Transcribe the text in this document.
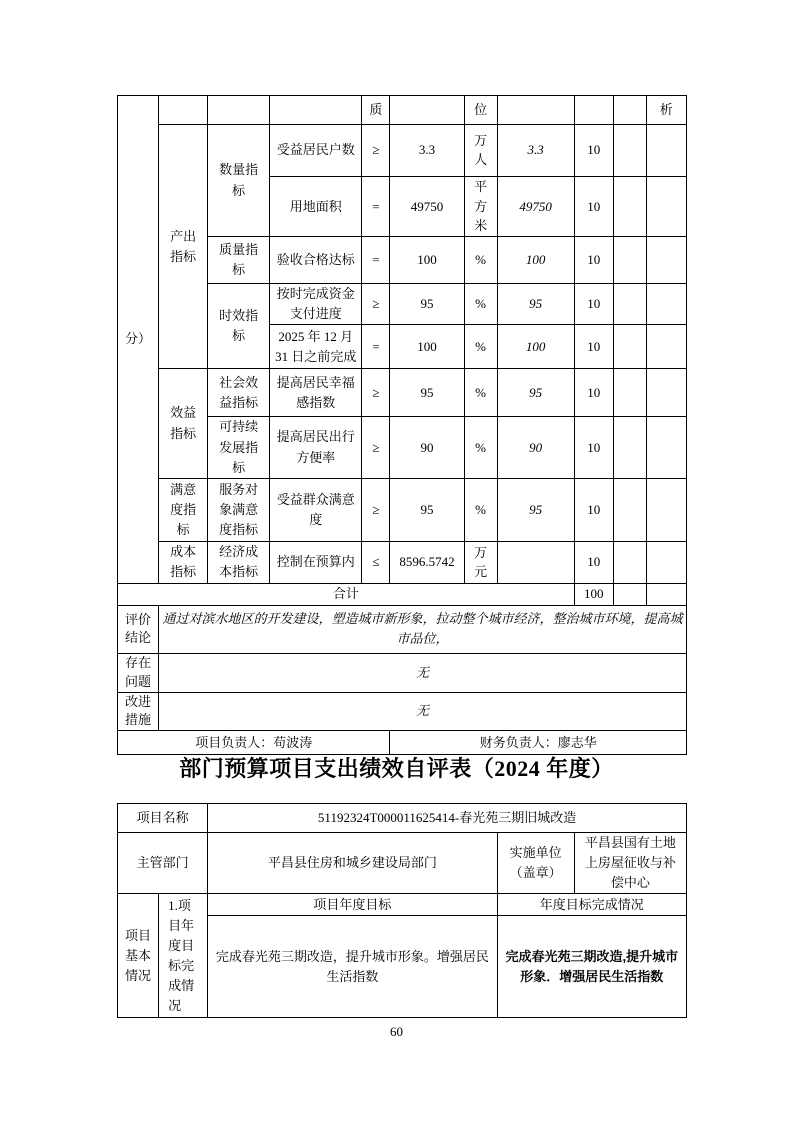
分）				质		位				析
	产出指标	数量指标	受益居民户数	≥	3.3	万人	3.3	10		
			用地面积	=	49750	平方米	49750	10		
		质量指标	验收合格达标	=	100	%	100	10		
		时效指标	按时完成资金支付进度	≥	95	%	95	10		
			2025 年 12 月 31 日之前完成	=	100	%	100	10		
	效益指标	社会效益指标	提高居民幸福感指数	≥	95	%	95	10		
		可持续发展指标	提高居民出行方便率	≥	90	%	90	10		
	满意度指标	服务对象满意度指标	受益群众满意度	≥	95	%	95	10		
	成本指标	经济成本指标	控制在预算内	≤	8596.5742	万元		10		
合计								100		
评价结论	通过对滨水地区的开发建设，塑造城市新形象，拉动整个城市经济，整治城市环境，提高城市品位，									
存在问题	无									
改进措施	无									
项目负责人：苟波涛					财务负责人：廖志华					
部门预算项目支出绩效自评表（2024 年度）
项目名称		51192324T000011625414-春光苑三期旧城改造		
主管部门		平昌县住房和城乡建设局部门	实施单位（盖章）	平昌县国有土地上房屋征收与补偿中心
项目基本情况	1.项目年度目标完成情况	项目年度目标	年度目标完成情况	
		完成春光苑三期改造，提升城市形象。增强居民生活指数	完成春光苑三期改造,提升城市形象．增强居民生活指数	
60
